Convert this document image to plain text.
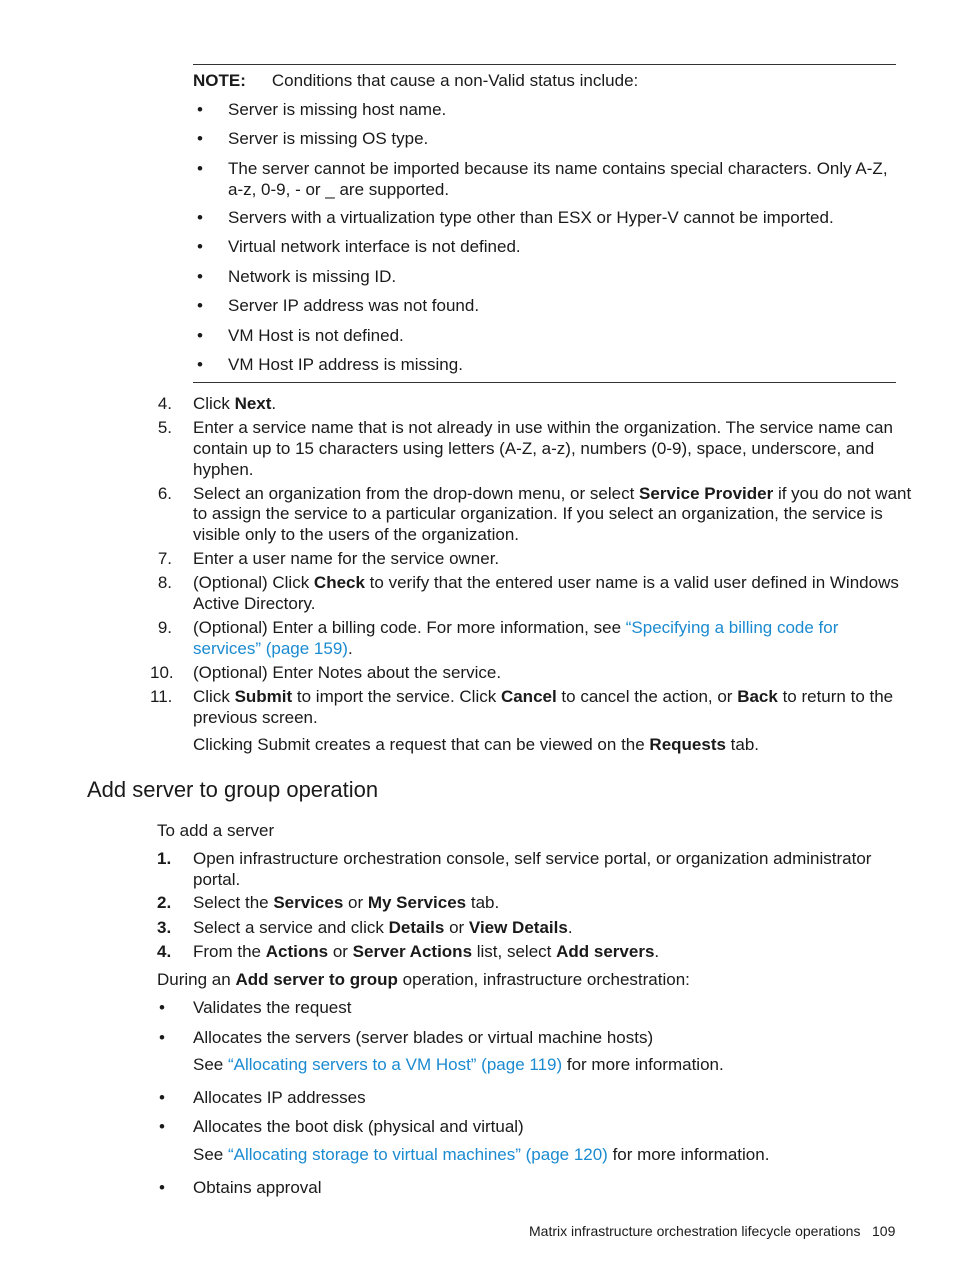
NOTE: Conditions that cause a non-Valid status include:
• Server is missing host name.
• Server is missing OS type.
• The server cannot be imported because its name contains special characters. Only A-Z,
a-z, 0-9, - or _ are supported.
• Servers with a virtualization type other than ESX or Hyper-V cannot be imported.
• Virtual network interface is not defined.
• Network is missing ID.
• Server IP address was not found.
• VM Host is not defined.
• VM Host IP address is missing.
4. Click Next.
5. Enter a service name that is not already in use within the organization. The service name can
contain up to 15 characters using letters (A-Z, a-z), numbers (0-9), space, underscore, and
hyphen.
6. Select an organization from the drop-down menu, or select Service Provider if you do not want
to assign the service to a particular organization. If you select an organization, the service is
visible only to the users of the organization.
7. Enter a user name for the service owner.
8. (Optional) Click Check to verify that the entered user name is a valid user defined in Windows
Active Directory.
9. (Optional) Enter a billing code. For more information, see “Specifying a billing code for
services” (page 159).
10. (Optional) Enter Notes about the service.
11. Click Submit to import the service. Click Cancel to cancel the action, or Back to return to the
previous screen.
Clicking Submit creates a request that can be viewed on the Requests tab.
Add server to group operation
To add a server
1. Open infrastructure orchestration console, self service portal, or organization administrator
portal.
2. Select the Services or My Services tab.
3. Select a service and click Details or View Details.
4. From the Actions or Server Actions list, select Add servers.
During an Add server to group operation, infrastructure orchestration:
• Validates the request
• Allocates the servers (server blades or virtual machine hosts)
See “Allocating servers to a VM Host” (page 119) for more information.
• Allocates IP addresses
• Allocates the boot disk (physical and virtual)
See “Allocating storage to virtual machines” (page 120) for more information.
• Obtains approval
Matrix infrastructure orchestration lifecycle operations 109
